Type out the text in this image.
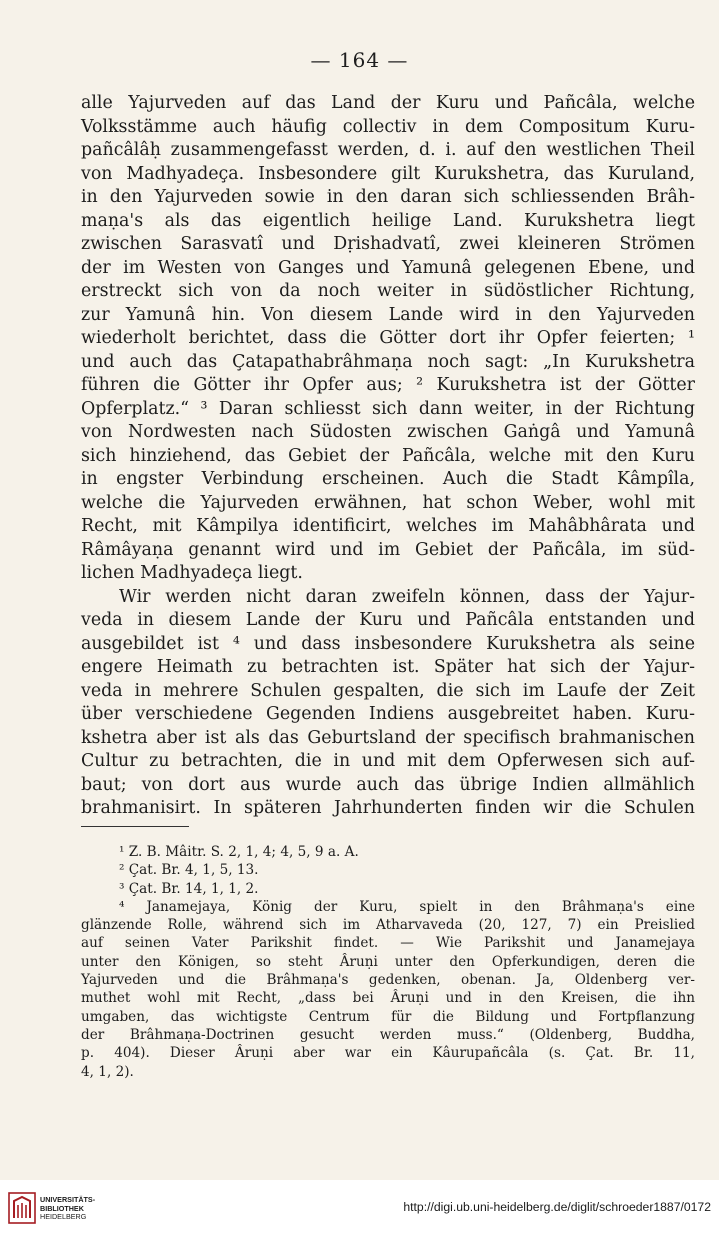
— 164 —
alle Yajurveden auf das Land der Kuru und Pañcâla, welche
Volksstämme auch häufig collectiv in dem Compositum Kuru-
pañcâlâḥ zusammengefasst werden, d. i. auf den westlichen Theil
von Madhyadeça. Insbesondere gilt Kurukshetra, das Kuruland,
in den Yajurveden sowie in den daran sich schliessenden Brâh-
maṇa's als das eigentlich heilige Land. Kurukshetra liegt
zwischen Sarasvatî und Dṛishadvatî, zwei kleineren Strömen
der im Westen von Ganges und Yamunâ gelegenen Ebene, und
erstreckt sich von da noch weiter in südöstlicher Richtung,
zur Yamunâ hin. Von diesem Lande wird in den Yajurveden
wiederholt berichtet, dass die Götter dort ihr Opfer feierten; ¹
und auch das Çatapathabrâhmaṇa noch sagt: „In Kurukshetra
führen die Götter ihr Opfer aus; ² Kurukshetra ist der Götter
Opferplatz.“ ³ Daran schliesst sich dann weiter, in der Richtung
von Nordwesten nach Südosten zwischen Gaṅgâ und Yamunâ
sich hinziehend, das Gebiet der Pañcâla, welche mit den Kuru
in engster Verbindung erscheinen. Auch die Stadt Kâmpîla,
welche die Yajurveden erwähnen, hat schon Weber, wohl mit
Recht, mit Kâmpilya identificirt, welches im Mahâbhârata und
Râmâyaṇa genannt wird und im Gebiet der Pañcâla, im süd-
lichen Madhyadeça liegt.
Wir werden nicht daran zweifeln können, dass der Yajur-
veda in diesem Lande der Kuru und Pañcâla entstanden und
ausgebildet ist ⁴ und dass insbesondere Kurukshetra als seine
engere Heimath zu betrachten ist. Später hat sich der Yajur-
veda in mehrere Schulen gespalten, die sich im Laufe der Zeit
über verschiedene Gegenden Indiens ausgebreitet haben. Kuru-
kshetra aber ist als das Geburtsland der specifisch brahmanischen
Cultur zu betrachten, die in und mit dem Opferwesen sich auf-
baut; von dort aus wurde auch das übrige Indien allmählich
brahmanisirt. In späteren Jahrhunderten finden wir die Schulen
¹ Z. B. Mâitr. S. 2, 1, 4; 4, 5, 9 a. A.
² Çat. Br. 4, 1, 5, 13.
³ Çat. Br. 14, 1, 1, 2.
⁴ Janamejaya, König der Kuru, spielt in den Brâhmaṇa's eine
glänzende Rolle, während sich im Atharvaveda (20, 127, 7) ein Preislied
auf seinen Vater Parikshit findet. — Wie Parikshit und Janamejaya
unter den Königen, so steht Âruṇi unter den Opferkundigen, deren die
Yajurveden und die Brâhmaṇa's gedenken, obenan. Ja, Oldenberg ver-
muthet wohl mit Recht, „dass bei Âruṇi und in den Kreisen, die ihn
umgaben, das wichtigste Centrum für die Bildung und Fortpflanzung
der Brâhmaṇa-Doctrinen gesucht werden muss.“ (Oldenberg, Buddha,
p. 404). Dieser Âruṇi aber war ein Kâurupañcâla (s. Çat. Br. 11,
4, 1, 2).
UNIVERSITÄTS-
BIBLIOTHEK
HEIDELBERG
http://digi.ub.uni-heidelberg.de/diglit/schroeder1887/0172
